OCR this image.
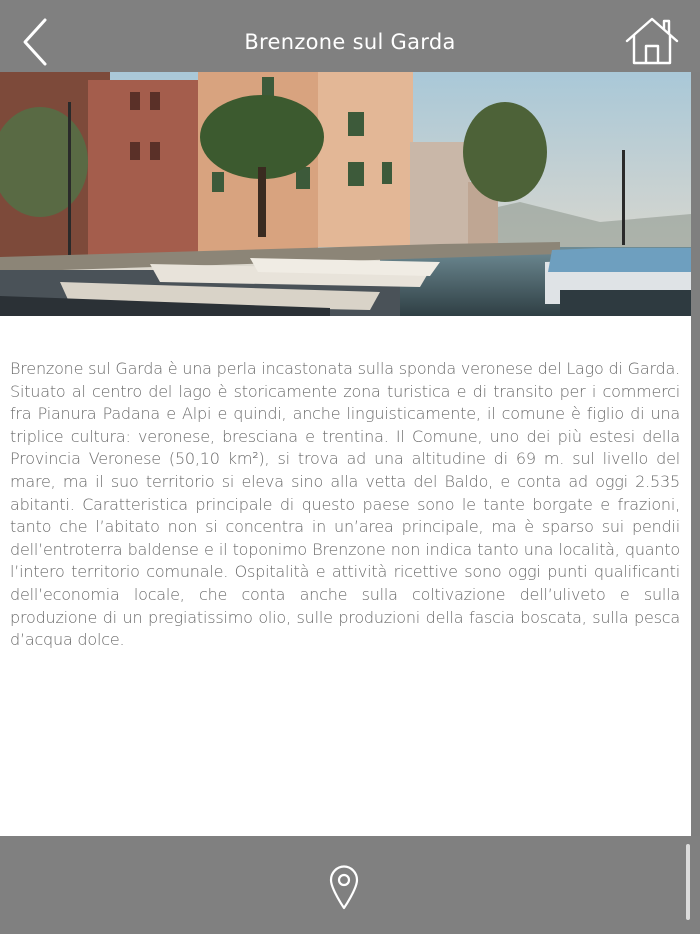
Brenzone sul Garda

Brenzone sul Garda è una perla incastonata sulla sponda veronese del Lago di Garda. Situato al centro del lago è storicamente zona turistica e di transito per i commerci fra Pianura Padana e Alpi e quindi, anche linguisticamente, il comune è figlio di una triplice cultura: veronese, bresciana e trentina. Il Comune, uno dei più estesi della Provincia Veronese (50,10 km²), si trova ad una altitudine di 69 m. sul livello del mare, ma il suo territorio si eleva sino alla vetta del Baldo, e conta ad oggi 2.535 abitanti. Caratteristica principale di questo paese sono le tante borgate e frazioni, tanto che l’abitato non si concentra in un’area principale, ma è sparso sui pendii dell’entroterra baldense e il toponimo Brenzone non indica tanto una località, quanto l’intero territorio comunale. Ospitalità e attività ricettive sono oggi punti qualificanti dell’economia locale, che conta anche sulla coltivazione dell’uliveto e sulla produzione di un pregiatissimo olio, sulle produzioni della fascia boscata, sulla pesca d’acqua dolce.
